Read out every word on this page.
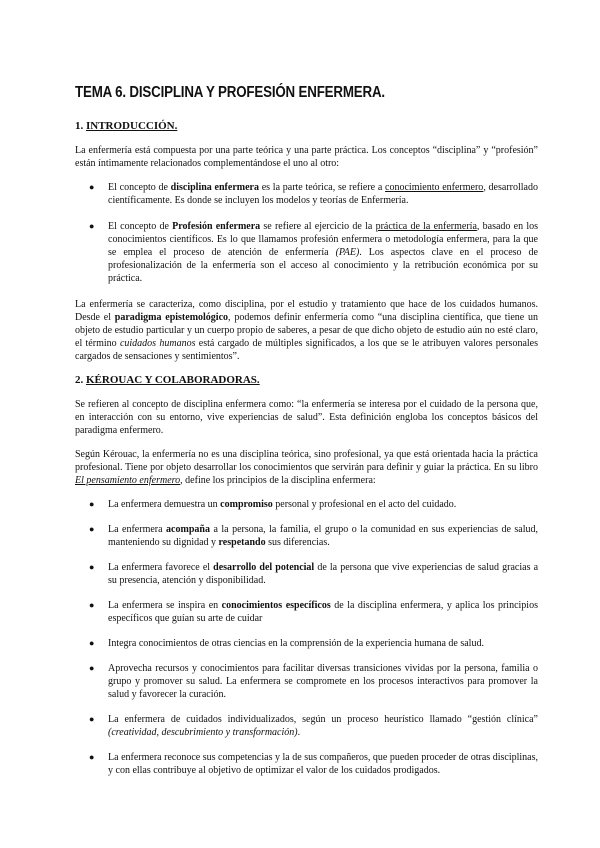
TEMA 6. DISCIPLINA Y PROFESIÓN ENFERMERA.
1. INTRODUCCIÓN.

La enfermería está compuesta por una parte teórica y una parte práctica. Los conceptos “disciplina” y “profesión” están íntimamente relacionados complementándose el uno al otro:

● El concepto de disciplina enfermera es la parte teórica, se refiere a conocimiento enfermero, desarrollado científicamente. Es donde se incluyen los modelos y teorías de Enfermería.
● El concepto de Profesión enfermera se refiere al ejercicio de la práctica de la enfermería, basado en los conocimientos científicos. Es lo que llamamos profesión enfermera o metodología enfermera, para la que se emplea el proceso de atención de enfermería (PAE). Los aspectos clave en el proceso de profesionalización de la enfermería son el acceso al conocimiento y la retribución económica por su práctica.

La enfermería se caracteriza, como disciplina, por el estudio y tratamiento que hace de los cuidados humanos. Desde el paradigma epistemológico, podemos definir enfermería como “una disciplina científica, que tiene un objeto de estudio particular y un cuerpo propio de saberes, a pesar de que dicho objeto de estudio aún no esté claro, el término cuidados humanos está cargado de múltiples significados, a los que se le atribuyen valores personales cargados de sensaciones y sentimientos”.

2. KÉROUAC Y COLABORADORAS.

Se refieren al concepto de disciplina enfermera como: “la enfermería se interesa por el cuidado de la persona que, en interacción con su entorno, vive experiencias de salud”. Esta definición engloba los conceptos básicos del paradigma enfermero.

Según Kérouac, la enfermería no es una disciplina teórica, sino profesional, ya que está orientada hacia la práctica profesional. Tiene por objeto desarrollar los conocimientos que servirán para definir y guiar la práctica. En su libro El pensamiento enfermero, define los principios de la disciplina enfermera:

● La enfermera demuestra un compromiso personal y profesional en el acto del cuidado.
● La enfermera acompaña a la persona, la familia, el grupo o la comunidad en sus experiencias de salud, manteniendo su dignidad y respetando sus diferencias.
● La enfermera favorece el desarrollo del potencial de la persona que vive experiencias de salud gracias a su presencia, atención y disponibilidad.
● La enfermera se inspira en conocimientos específicos de la disciplina enfermera, y aplica los principios específicos que guían su arte de cuidar
● Integra conocimientos de otras ciencias en la comprensión de la experiencia humana de salud.
● Aprovecha recursos y conocimientos para facilitar diversas transiciones vividas por la persona, familia o grupo y promover su salud. La enfermera se compromete en los procesos interactivos para promover la salud y favorecer la curación.
● La enfermera de cuidados individualizados, según un proceso heurístico llamado “gestión clínica” (creatividad, descubrimiento y transformación).
● La enfermera reconoce sus competencias y la de sus compañeros, que pueden proceder de otras disciplinas, y con ellas contribuye al objetivo de optimizar el valor de los cuidados prodigados.
